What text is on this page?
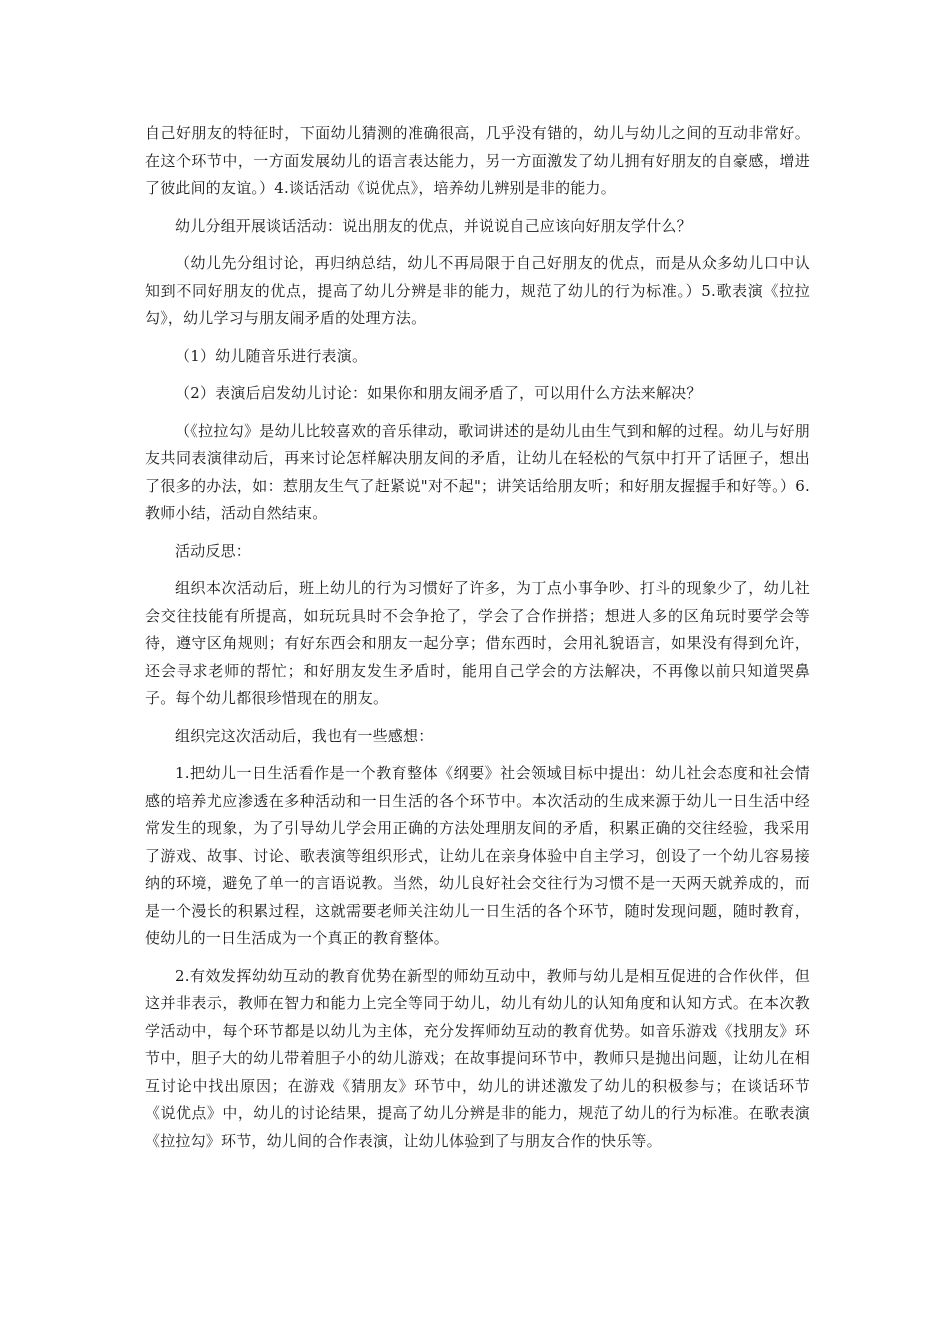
自己好朋友的特征时，下面幼儿猜测的准确很高，几乎没有错的，幼儿与幼儿之间的互动非常好。在这个环节中，一方面发展幼儿的语言表达能力，另一方面激发了幼儿拥有好朋友的自豪感，增进了彼此间的友谊。）4.谈话活动《说优点》，培养幼儿辨别是非的能力。

幼儿分组开展谈话活动：说出朋友的优点，并说说自己应该向好朋友学什么？

（幼儿先分组讨论，再归纳总结，幼儿不再局限于自己好朋友的优点，而是从众多幼儿口中认知到不同好朋友的优点，提高了幼儿分辨是非的能力，规范了幼儿的行为标准。）5.歌表演《拉拉勾》，幼儿学习与朋友闹矛盾的处理方法。

（1）幼儿随音乐进行表演。

（2）表演后启发幼儿讨论：如果你和朋友闹矛盾了，可以用什么方法来解决？

（《拉拉勾》是幼儿比较喜欢的音乐律动，歌词讲述的是幼儿由生气到和解的过程。幼儿与好朋友共同表演律动后，再来讨论怎样解决朋友间的矛盾，让幼儿在轻松的气氛中打开了话匣子，想出了很多的办法，如：惹朋友生气了赶紧说"对不起"；讲笑话给朋友听；和好朋友握握手和好等。）6.教师小结，活动自然结束。

活动反思：

组织本次活动后，班上幼儿的行为习惯好了许多，为丁点小事争吵、打斗的现象少了，幼儿社会交往技能有所提高，如玩玩具时不会争抢了，学会了合作拼搭；想进人多的区角玩时要学会等待，遵守区角规则；有好东西会和朋友一起分享；借东西时，会用礼貌语言，如果没有得到允许，还会寻求老师的帮忙；和好朋友发生矛盾时，能用自己学会的方法解决，不再像以前只知道哭鼻子。每个幼儿都很珍惜现在的朋友。

组织完这次活动后，我也有一些感想：

1.把幼儿一日生活看作是一个教育整体《纲要》社会领域目标中提出：幼儿社会态度和社会情感的培养尤应渗透在多种活动和一日生活的各个环节中。本次活动的生成来源于幼儿一日生活中经常发生的现象，为了引导幼儿学会用正确的方法处理朋友间的矛盾，积累正确的交往经验，我采用了游戏、故事、讨论、歌表演等组织形式，让幼儿在亲身体验中自主学习，创设了一个幼儿容易接纳的环境，避免了单一的言语说教。当然，幼儿良好社会交往行为习惯不是一天两天就养成的，而是一个漫长的积累过程，这就需要老师关注幼儿一日生活的各个环节，随时发现问题，随时教育，使幼儿的一日生活成为一个真正的教育整体。

2.有效发挥幼幼互动的教育优势在新型的师幼互动中，教师与幼儿是相互促进的合作伙伴，但这并非表示，教师在智力和能力上完全等同于幼儿，幼儿有幼儿的认知角度和认知方式。在本次教学活动中，每个环节都是以幼儿为主体，充分发挥师幼互动的教育优势。如音乐游戏《找朋友》环节中，胆子大的幼儿带着胆子小的幼儿游戏；在故事提问环节中，教师只是抛出问题，让幼儿在相互讨论中找出原因；在游戏《猜朋友》环节中，幼儿的讲述激发了幼儿的积极参与；在谈话环节《说优点》中，幼儿的讨论结果，提高了幼儿分辨是非的能力，规范了幼儿的行为标准。在歌表演《拉拉勾》环节，幼儿间的合作表演，让幼儿体验到了与朋友合作的快乐等。
